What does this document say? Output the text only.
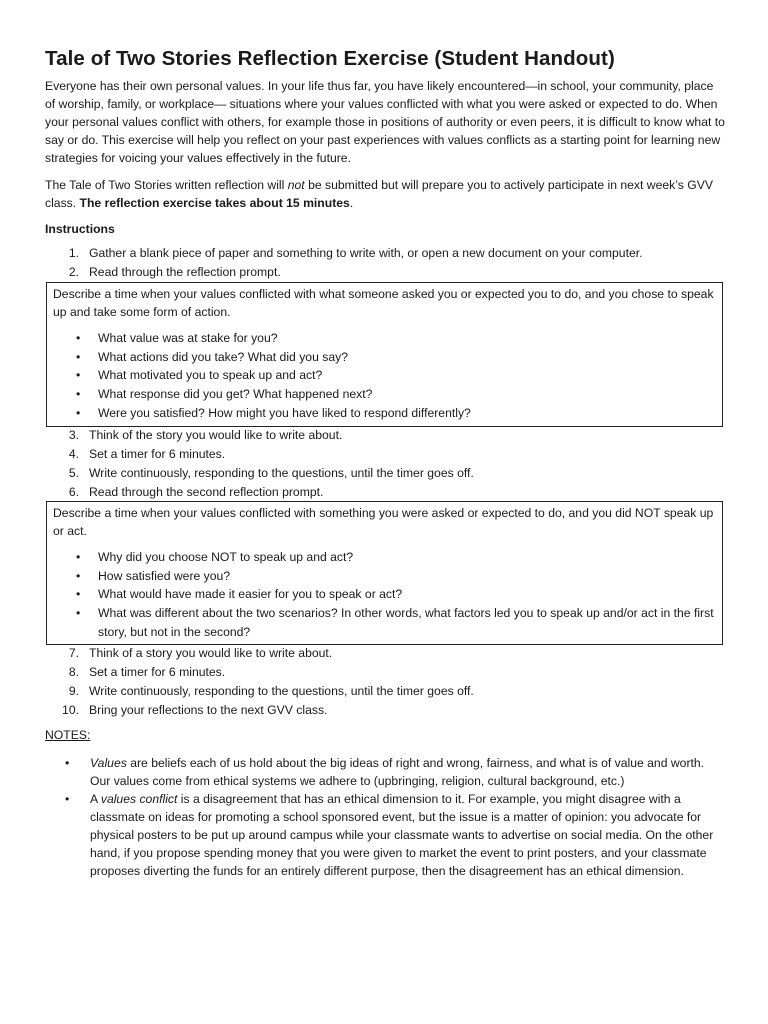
Tale of Two Stories Reflection Exercise (Student Handout)

Everyone has their own personal values. In your life thus far, you have likely encountered—in school, your community, place of worship, family, or workplace— situations where your values conflicted with what you were asked or expected to do. When your personal values conflict with others, for example those in positions of authority or even peers, it is difficult to know what to say or do. This exercise will help you reflect on your past experiences with values conflicts as a starting point for learning new strategies for voicing your values effectively in the future.

The Tale of Two Stories written reflection will not be submitted but will prepare you to actively participate in next week’s GVV class. The reflection exercise takes about 15 minutes.

Instructions
1. Gather a blank piece of paper and something to write with, or open a new document on your computer.
2. Read through the reflection prompt.

Describe a time when your values conflicted with what someone asked you or expected you to do, and you chose to speak up and take some form of action.

• What value was at stake for you?
• What actions did you take? What did you say?
• What motivated you to speak up and act?
• What response did you get? What happened next?
• Were you satisfied? How might you have liked to respond differently?
3. Think of the story you would like to write about.
4. Set a timer for 6 minutes.
5. Write continuously, responding to the questions, until the timer goes off.
6. Read through the second reflection prompt.

Describe a time when your values conflicted with something you were asked or expected to do, and you did NOT speak up or act.

• Why did you choose NOT to speak up and act?
• How satisfied were you?
• What would have made it easier for you to speak or act?
• What was different about the two scenarios? In other words, what factors led you to speak up and/or act in the first story, but not in the second?
7. Think of a story you would like to write about.
8. Set a timer for 6 minutes.
9. Write continuously, responding to the questions, until the timer goes off.
10. Bring your reflections to the next GVV class.

NOTES:

• Values are beliefs each of us hold about the big ideas of right and wrong, fairness, and what is of value and worth. Our values come from ethical systems we adhere to (upbringing, religion, cultural background, etc.)
• A values conflict is a disagreement that has an ethical dimension to it. For example, you might disagree with a classmate on ideas for promoting a school sponsored event, but the issue is a matter of opinion: you advocate for physical posters to be put up around campus while your classmate wants to advertise on social media. On the other hand, if you propose spending money that you were given to market the event to print posters, and your classmate proposes diverting the funds for an entirely different purpose, then the disagreement has an ethical dimension.
